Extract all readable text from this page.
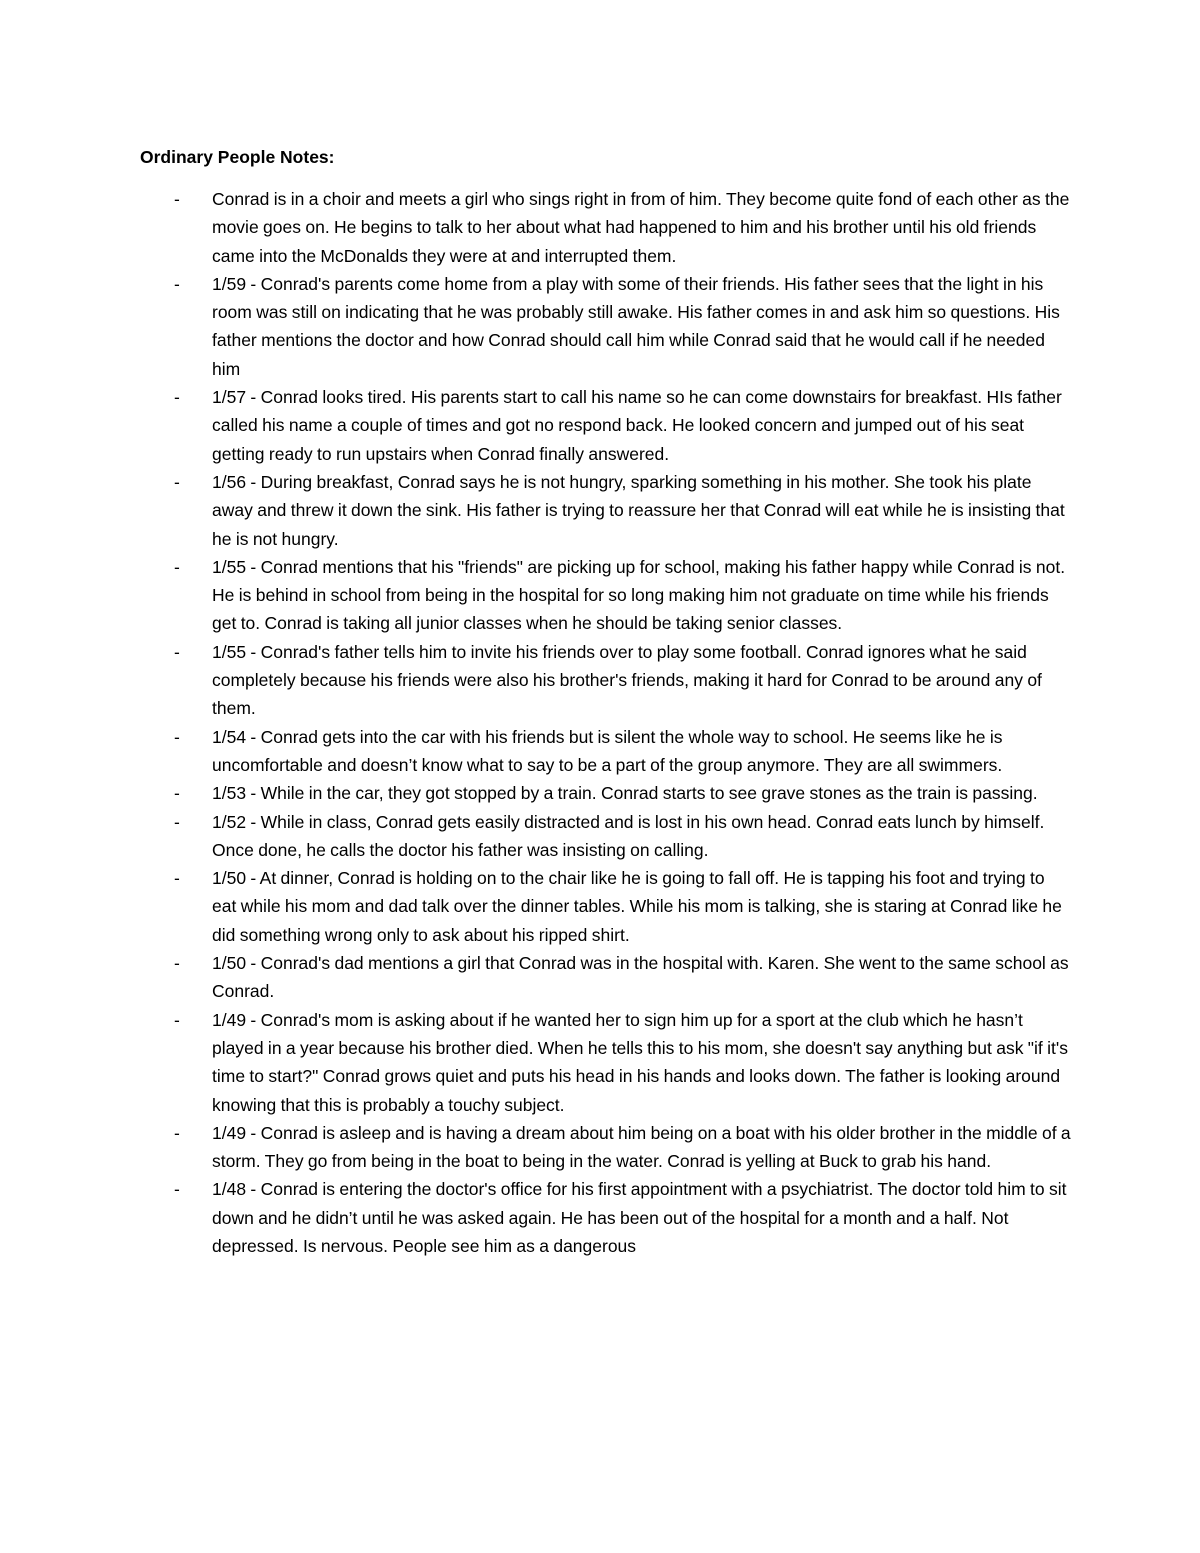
Ordinary People Notes:
- Conrad is in a choir and meets a girl who sings right in from of him. They become quite fond of each other as the movie goes on. He begins to talk to her about what had happened to him and his brother until his old friends came into the McDonalds they were at and interrupted them.
- 1/59 - Conrad's parents come home from a play with some of their friends. His father sees that the light in his room was still on indicating that he was probably still awake. His father comes in and ask him so questions. His father mentions the doctor and how Conrad should call him while Conrad said that he would call if he needed him
- 1/57 - Conrad looks tired. His parents start to call his name so he can come downstairs for breakfast. HIs father called his name a couple of times and got no respond back. He looked concern and jumped out of his seat getting ready to run upstairs when Conrad finally answered.
- 1/56 - During breakfast, Conrad says he is not hungry, sparking something in his mother. She took his plate away and threw it down the sink. His father is trying to reassure her that Conrad will eat while he is insisting that he is not hungry.
- 1/55 - Conrad mentions that his "friends" are picking up for school, making his father happy while Conrad is not. He is behind in school from being in the hospital for so long making him not graduate on time while his friends get to. Conrad is taking all junior classes when he should be taking senior classes.
- 1/55 - Conrad's father tells him to invite his friends over to play some football. Conrad ignores what he said completely because his friends were also his brother's friends, making it hard for Conrad to be around any of them.
- 1/54 - Conrad gets into the car with his friends but is silent the whole way to school. He seems like he is uncomfortable and doesn’t know what to say to be a part of the group anymore. They are all swimmers.
- 1/53 - While in the car, they got stopped by a train. Conrad starts to see grave stones as the train is passing.
- 1/52 - While in class, Conrad gets easily distracted and is lost in his own head. Conrad eats lunch by himself. Once done, he calls the doctor his father was insisting on calling.
- 1/50 - At dinner, Conrad is holding on to the chair like he is going to fall off. He is tapping his foot and trying to eat while his mom and dad talk over the dinner tables. While his mom is talking, she is staring at Conrad like he did something wrong only to ask about his ripped shirt.
- 1/50 - Conrad's dad mentions a girl that Conrad was in the hospital with. Karen. She went to the same school as Conrad.
- 1/49 - Conrad's mom is asking about if he wanted her to sign him up for a sport at the club which he hasn’t played in a year because his brother died. When he tells this to his mom, she doesn't say anything but ask "if it's time to start?" Conrad grows quiet and puts his head in his hands and looks down. The father is looking around knowing that this is probably a touchy subject.
- 1/49 - Conrad is asleep and is having a dream about him being on a boat with his older brother in the middle of a storm. They go from being in the boat to being in the water. Conrad is yelling at Buck to grab his hand.
- 1/48 - Conrad is entering the doctor's office for his first appointment with a psychiatrist. The doctor told him to sit down and he didn’t until he was asked again. He has been out of the hospital for a month and a half. Not depressed. Is nervous. People see him as a dangerous
